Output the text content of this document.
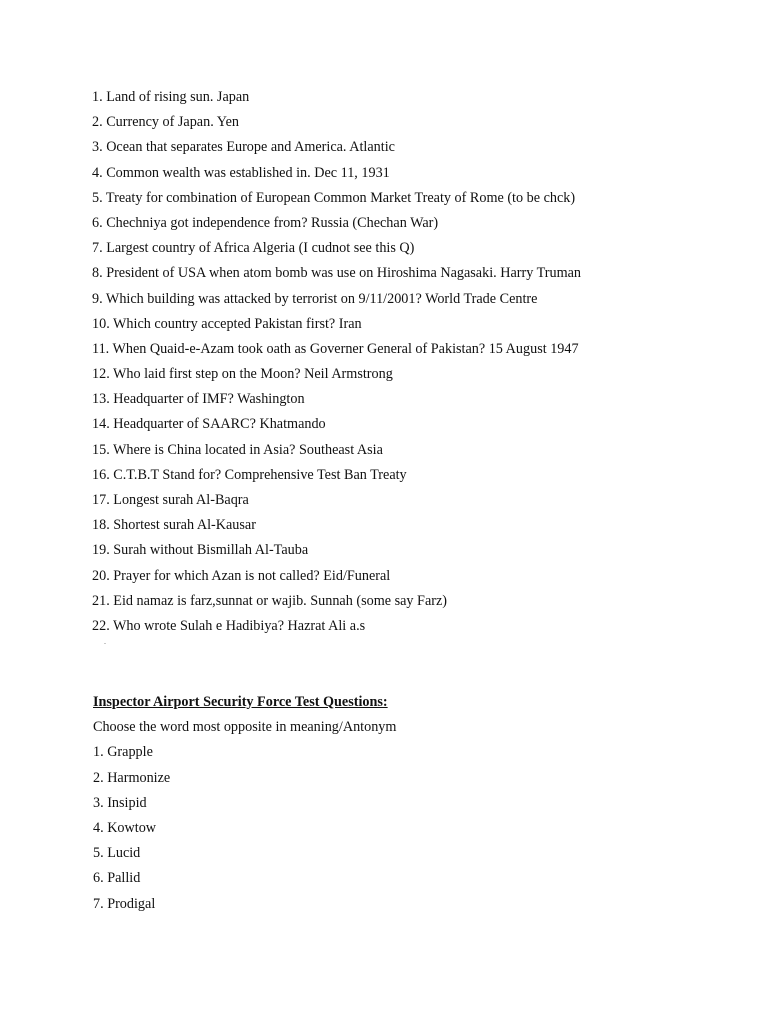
1. Land of rising sun. Japan
2. Currency of Japan. Yen
3. Ocean that separates Europe and America. Atlantic
4. Common wealth was established in. Dec 11, 1931
5. Treaty for combination of European Common Market Treaty of Rome (to be chck)
6. Chechniya got independence from? Russia (Chechan War)
7. Largest country of Africa Algeria (I cudnot see this Q)
8. President of USA when atom bomb was use on Hiroshima Nagasaki. Harry Truman
9. Which building was attacked by terrorist on 9/11/2001? World Trade Centre
10. Which country accepted Pakistan first? Iran
11. When Quaid-e-Azam took oath as Governer General of Pakistan? 15 August 1947
12. Who laid first step on the Moon? Neil Armstrong
13. Headquarter of IMF? Washington
14. Headquarter of SAARC? Khatmando
15. Where is China located in Asia? Southeast Asia
16. C.T.B.T Stand for? Comprehensive Test Ban Treaty
17. Longest surah Al-Baqra
18. Shortest surah Al-Kausar
19. Surah without Bismillah Al-Tauba
20. Prayer for which Azan is not called? Eid/Funeral
21. Eid namaz is farz,sunnat or wajib. Sunnah (some say Farz)
22. Who wrote Sulah e Hadibiya? Hazrat Ali a.s
Inspector Airport Security Force Test Questions:
Choose the word most opposite in meaning/Antonym
1. Grapple
2. Harmonize
3. Insipid
4. Kowtow
5. Lucid
6. Pallid
7. Prodigal
